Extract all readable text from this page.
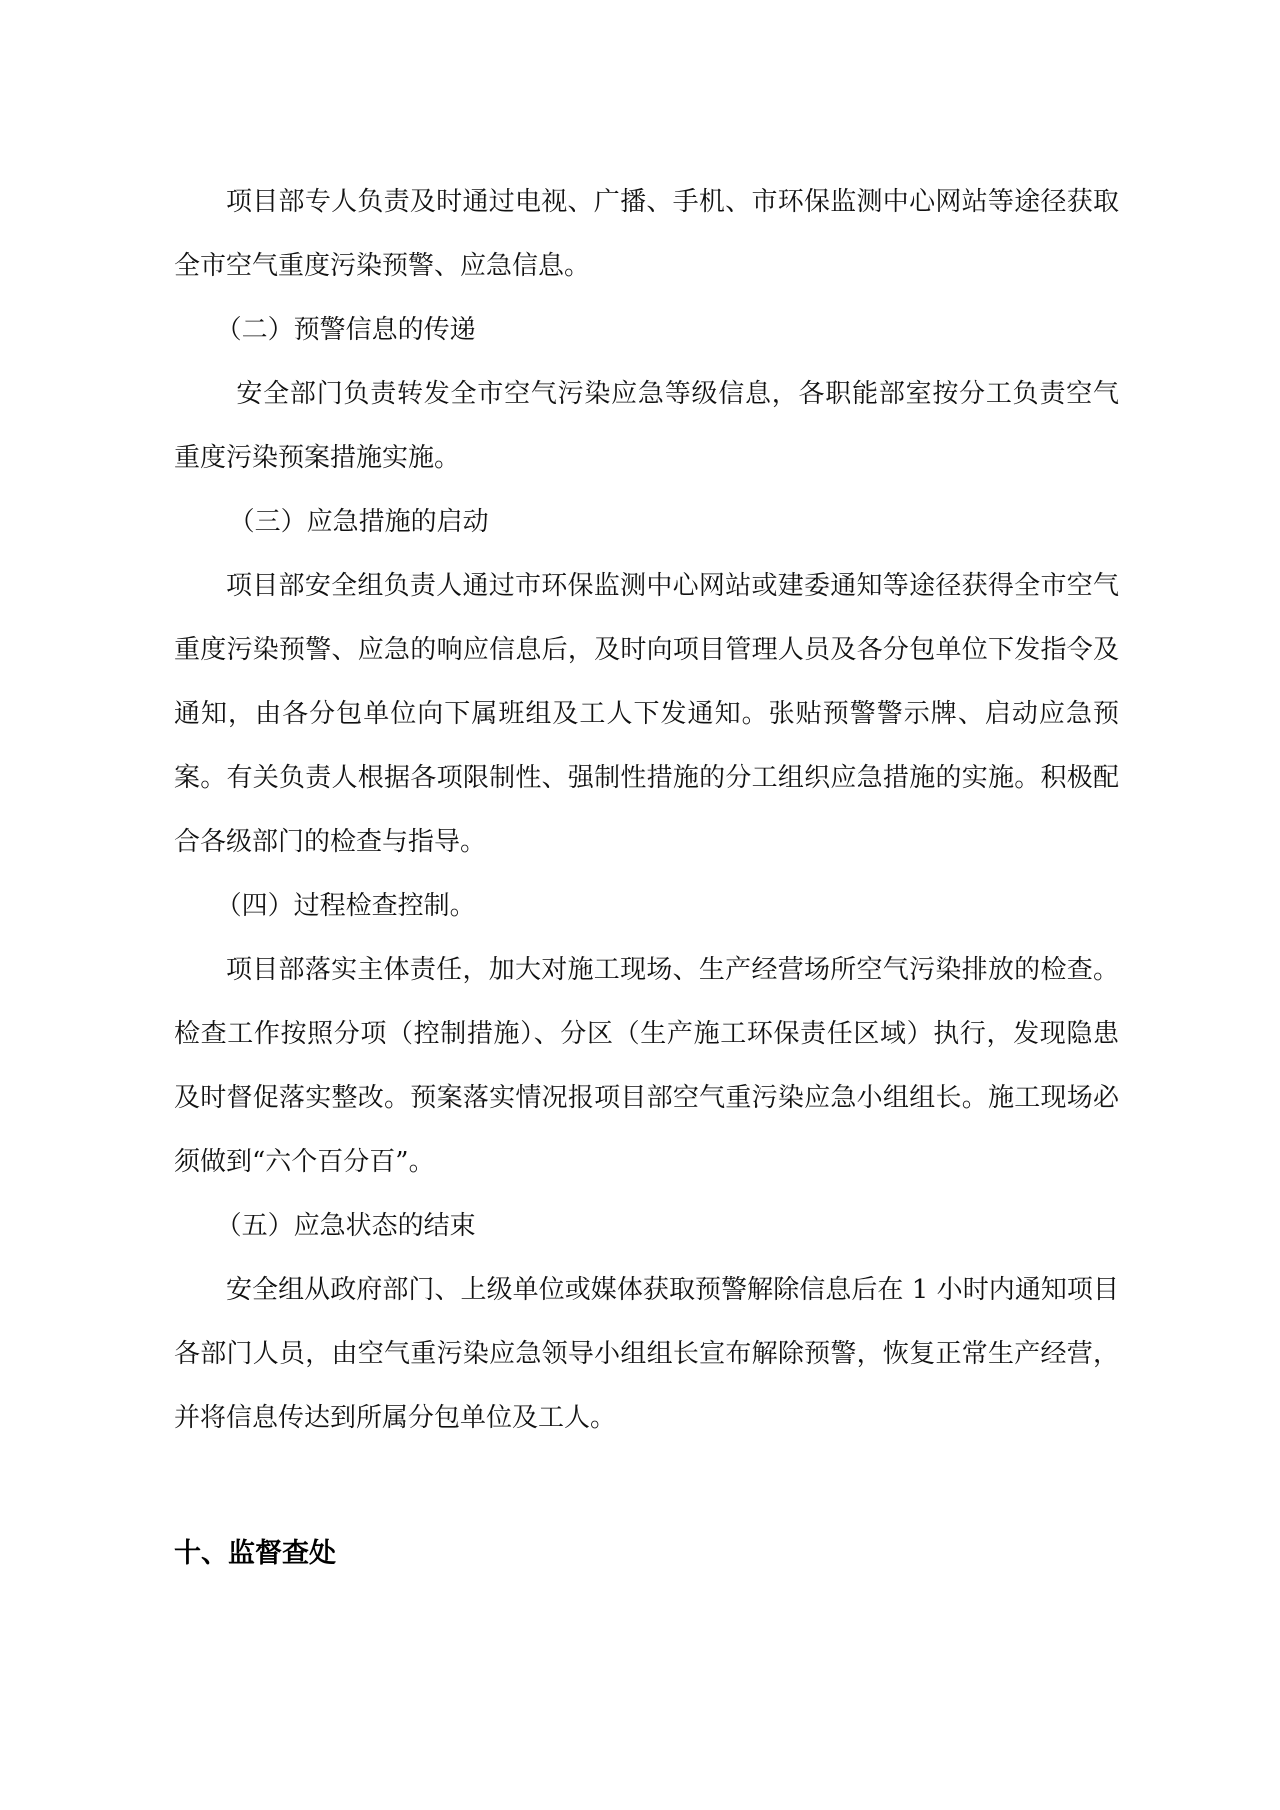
项目部专人负责及时通过电视、广播、手机、市环保监测中心网站等途径获取全市空气重度污染预警、应急信息。

（二）预警信息的传递

安全部门负责转发全市空气污染应急等级信息，各职能部室按分工负责空气重度污染预案措施实施。

（三）应急措施的启动

项目部安全组负责人通过市环保监测中心网站或建委通知等途径获得全市空气重度污染预警、应急的响应信息后，及时向项目管理人员及各分包单位下发指令及通知，由各分包单位向下属班组及工人下发通知。张贴预警警示牌、启动应急预案。有关负责人根据各项限制性、强制性措施的分工组织应急措施的实施。积极配合各级部门的检查与指导。

（四）过程检查控制。

项目部落实主体责任，加大对施工现场、生产经营场所空气污染排放的检查。检查工作按照分项（控制措施）、分区（生产施工环保责任区域）执行，发现隐患及时督促落实整改。预案落实情况报项目部空气重污染应急小组组长。施工现场必须做到“六个百分百”。

（五）应急状态的结束

安全组从政府部门、上级单位或媒体获取预警解除信息后在 1 小时内通知项目各部门人员，由空气重污染应急领导小组组长宣布解除预警，恢复正常生产经营，并将信息传达到所属分包单位及工人。

十、监督查处
